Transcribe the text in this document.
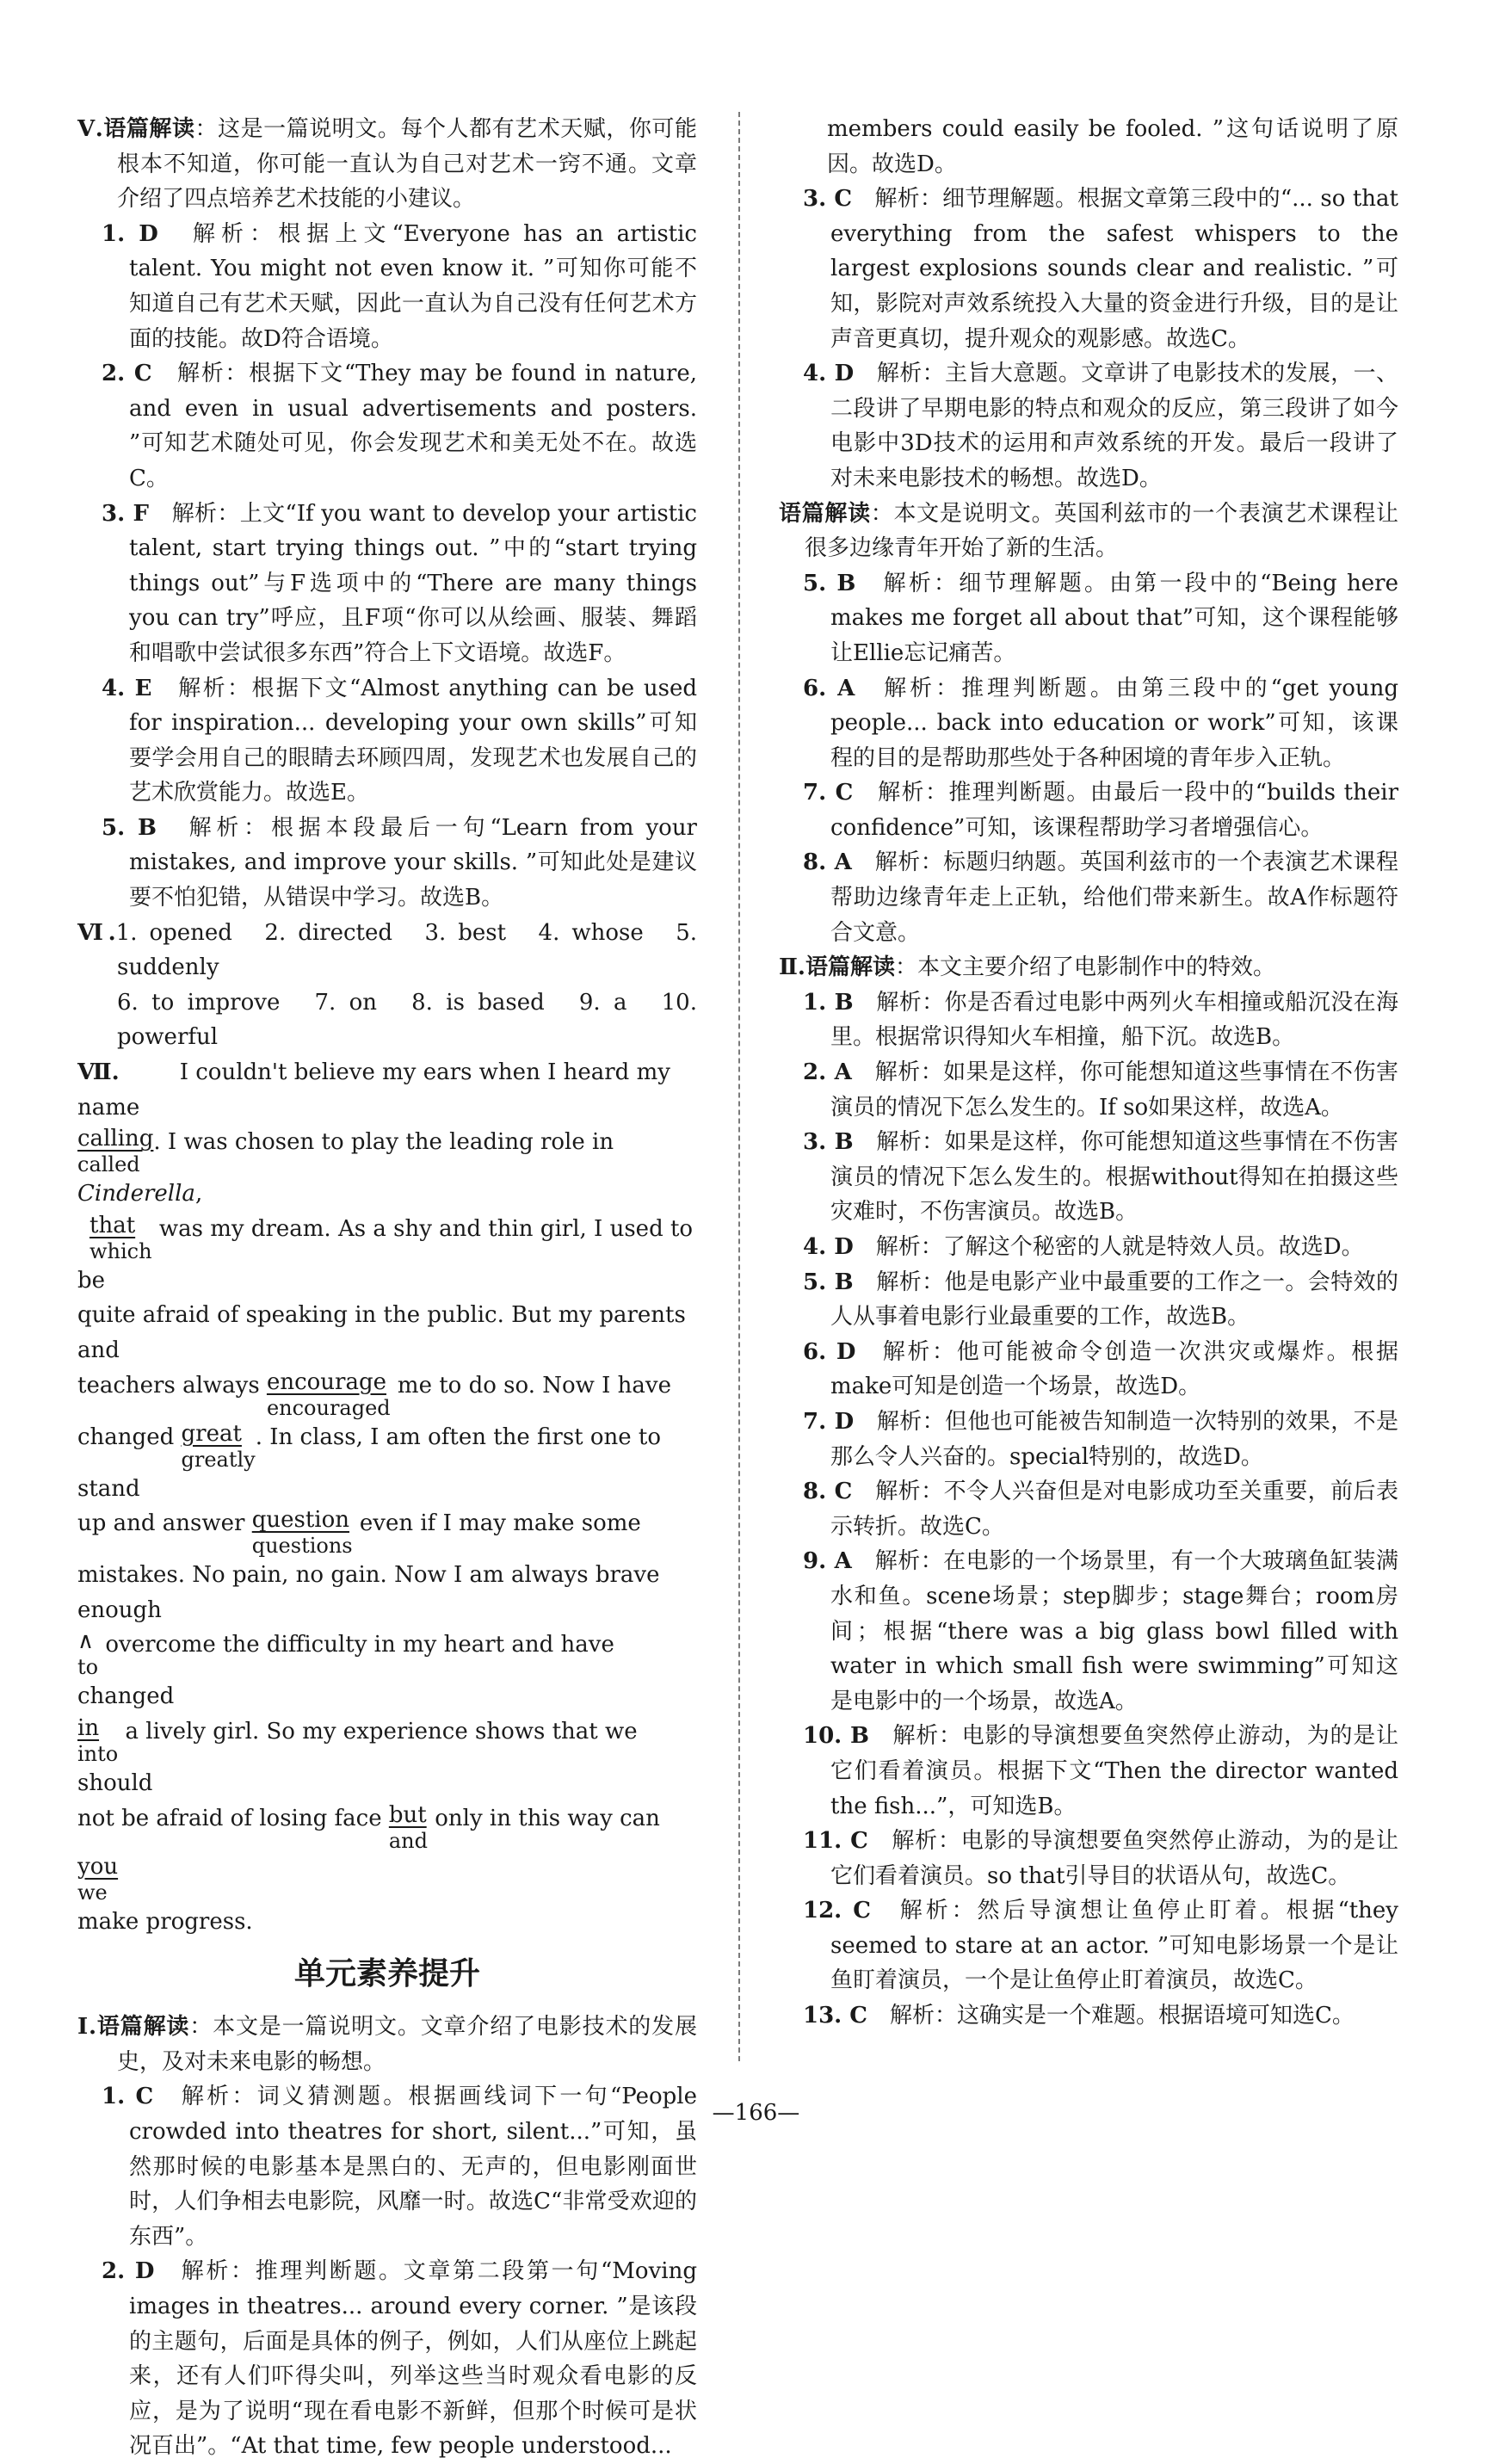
Ⅴ.语篇解读：这是一篇说明文。每个人都有艺术天赋，你可能根本不知道，你可能一直认为自己对艺术一窍不通。文章介绍了四点培养艺术技能的小建议。

1. D　 解析：根据上文“Everyone has an artistic talent. You might not even know it. ”可知你可能不知道自己有艺术天赋，因此一直认为自己没有任何艺术方面的技能。故D符合语境。

2. C　 解析：根据下文“They may be found in nature, and even in usual advertisements and posters. ”可知艺术随处可见，你会发现艺术和美无处不在。故选C。

3. F　 解析：上文“If you want to develop your artistic talent, start trying things out. ”中的“start trying things out”与F选项中的“There are many things you can try”呼应，且F项“你可以从绘画、服装、舞蹈和唱歌中尝试很多东西”符合上下文语境。故选F。

4. E　 解析：根据下文“Almost anything can be used for inspiration... developing your own skills”可知要学会用自己的眼睛去环顾四周，发现艺术也发展自己的艺术欣赏能力。故选E。

5. B　 解析：根据本段最后一句“Learn from your mistakes, and improve your skills. ”可知此处是建议要不怕犯错，从错误中学习。故选B。

Ⅵ.1. opened　2. directed　3. best　4. whose　5. suddenly

6. to improve　7. on　8. is based　9. a　10. powerful

Ⅶ.	I couldn't believe my ears when I heard my name
calling
called
. I was chosen to play the leading role in Cinderella,
that
which
was my dream. As a shy and thin girl, I used to be
quite afraid of speaking in the public. But my parents and
teachers always encourage
encouraged
me to do so. Now I have
changed great
greatly
. In class, I am often the first one to stand
up and answer question
questions
even if I may make some
mistakes. No pain, no gain. Now I am always brave enough
∧
to
overcome the difficulty in my heart and have changed
in
into
a lively girl. So my experience shows that we should
not be afraid of losing face but
and
only in this way can
you
we
make progress.
单元素养提升

Ⅰ.语篇解读：本文是一篇说明文。文章介绍了电影技术的发展史，及对未来电影的畅想。

1. C　 解析：词义猜测题。根据画线词下一句“People crowded into theatres for short, silent...”可知，虽然那时候的电影基本是黑白的、无声的，但电影刚面世时，人们争相去电影院，风靡一时。故选C“非常受欢迎的东西”。

2. D　 解析：推理判断题。文章第二段第一句“Moving images in theatres... around every corner. ”是该段的主题句，后面是具体的例子，例如，人们从座位上跳起来，还有人们吓得尖叫，列举这些当时观众看电影的反应，是为了说明“现在看电影不新鲜，但那个时候可是状况百出”。“At that time, few people understood...

members could easily be fooled. ”这句话说明了原因。故选D。

3. C　 解析：细节理解题。根据文章第三段中的“... so that everything from the safest whispers to the largest explosions sounds clear and realistic. ”可知，影院对声效系统投入大量的资金进行升级，目的是让声音更真切，提升观众的观影感。故选C。

4. D　 解析：主旨大意题。文章讲了电影技术的发展，一、二段讲了早期电影的特点和观众的反应，第三段讲了如今电影中3D技术的运用和声效系统的开发。最后一段讲了对未来电影技术的畅想。故选D。

语篇解读：本文是说明文。英国利兹市的一个表演艺术课程让很多边缘青年开始了新的生活。

5. B　 解析：细节理解题。由第一段中的“Being here makes me forget all about that”可知，这个课程能够让Ellie忘记痛苦。

6. A　 解析：推理判断题。由第三段中的“get young people... back into education or work”可知，该课程的目的是帮助那些处于各种困境的青年步入正轨。

7. C　 解析：推理判断题。由最后一段中的“builds their confidence”可知，该课程帮助学习者增强信心。

8. A　 解析：标题归纳题。英国利兹市的一个表演艺术课程帮助边缘青年走上正轨，给他们带来新生。故A作标题符合文意。

Ⅱ.语篇解读：本文主要介绍了电影制作中的特效。

1. B　 解析：你是否看过电影中两列火车相撞或船沉没在海里。根据常识得知火车相撞，船下沉。故选B。

2. A　 解析：如果是这样，你可能想知道这些事情在不伤害演员的情况下怎么发生的。If so如果这样，故选A。

3. B　 解析：如果是这样，你可能想知道这些事情在不伤害演员的情况下怎么发生的。根据without得知在拍摄这些灾难时，不伤害演员。故选B。

4. D　 解析：了解这个秘密的人就是特效人员。故选D。

5. B　 解析：他是电影产业中最重要的工作之一。会特效的人从事着电影行业最重要的工作，故选B。

6. D　 解析：他可能被命令创造一次洪灾或爆炸。根据make可知是创造一个场景，故选D。

7. D　 解析：但他也可能被告知制造一次特别的效果，不是那么令人兴奋的。special特别的，故选D。

8. C　 解析：不令人兴奋但是对电影成功至关重要，前后表示转折。故选C。

9. A　 解析：在电影的一个场景里，有一个大玻璃鱼缸装满水和鱼。scene场景；step脚步；stage舞台；room房间；根据“there was a big glass bowl filled with water in which small fish were swimming”可知这是电影中的一个场景，故选A。

10. B　 解析：电影的导演想要鱼突然停止游动，为的是让它们看着演员。根据下文“Then the director wanted the fish...”，可知选B。

11. C　 解析：电影的导演想要鱼突然停止游动，为的是让它们看着演员。so that引导目的状语从句，故选C。

12. C　 解析：然后导演想让鱼停止盯着。根据“they seemed to stare at an actor. ”可知电影场景一个是让鱼盯着演员，一个是让鱼停止盯着演员，故选C。

13. C　 解析：这确实是一个难题。根据语境可知选C。

—166—
